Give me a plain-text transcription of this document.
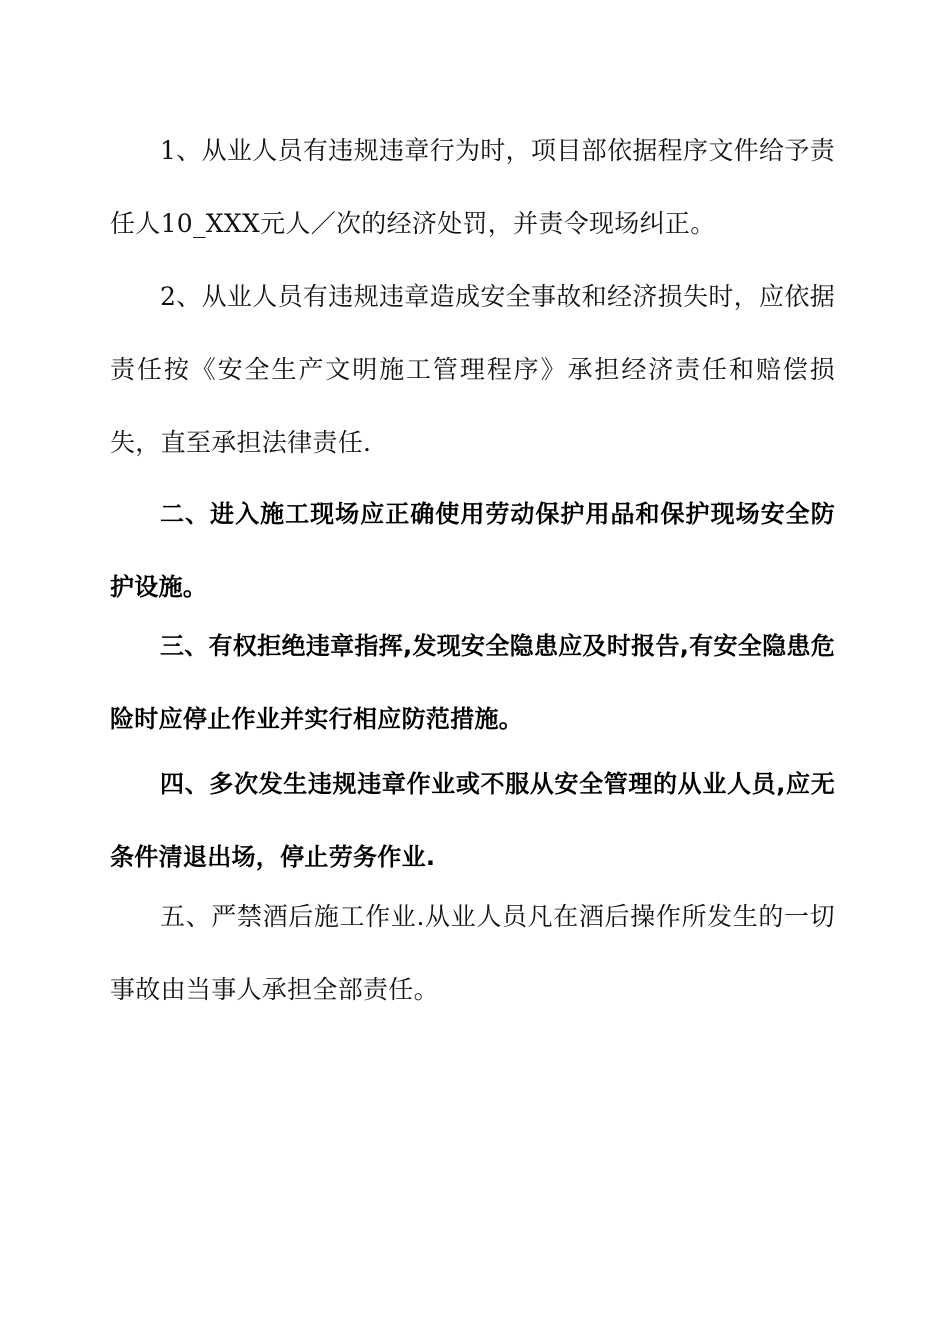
1、从业人员有违规违章行为时，项目部依据程序文件给予责任人10_XXX元人／次的经济处罚，并责令现场纠正。

2、从业人员有违规违章造成安全事故和经济损失时，应依据责任按《安全生产文明施工管理程序》承担经济责任和赔偿损失，直至承担法律责任.

二、进入施工现场应正确使用劳动保护用品和保护现场安全防护设施。

三、有权拒绝违章指挥,发现安全隐患应及时报告,有安全隐患危险时应停止作业并实行相应防范措施。

四、多次发生违规违章作业或不服从安全管理的从业人员,应无条件清退出场，停止劳务作业.

五、严禁酒后施工作业.从业人员凡在酒后操作所发生的一切事故由当事人承担全部责任。
